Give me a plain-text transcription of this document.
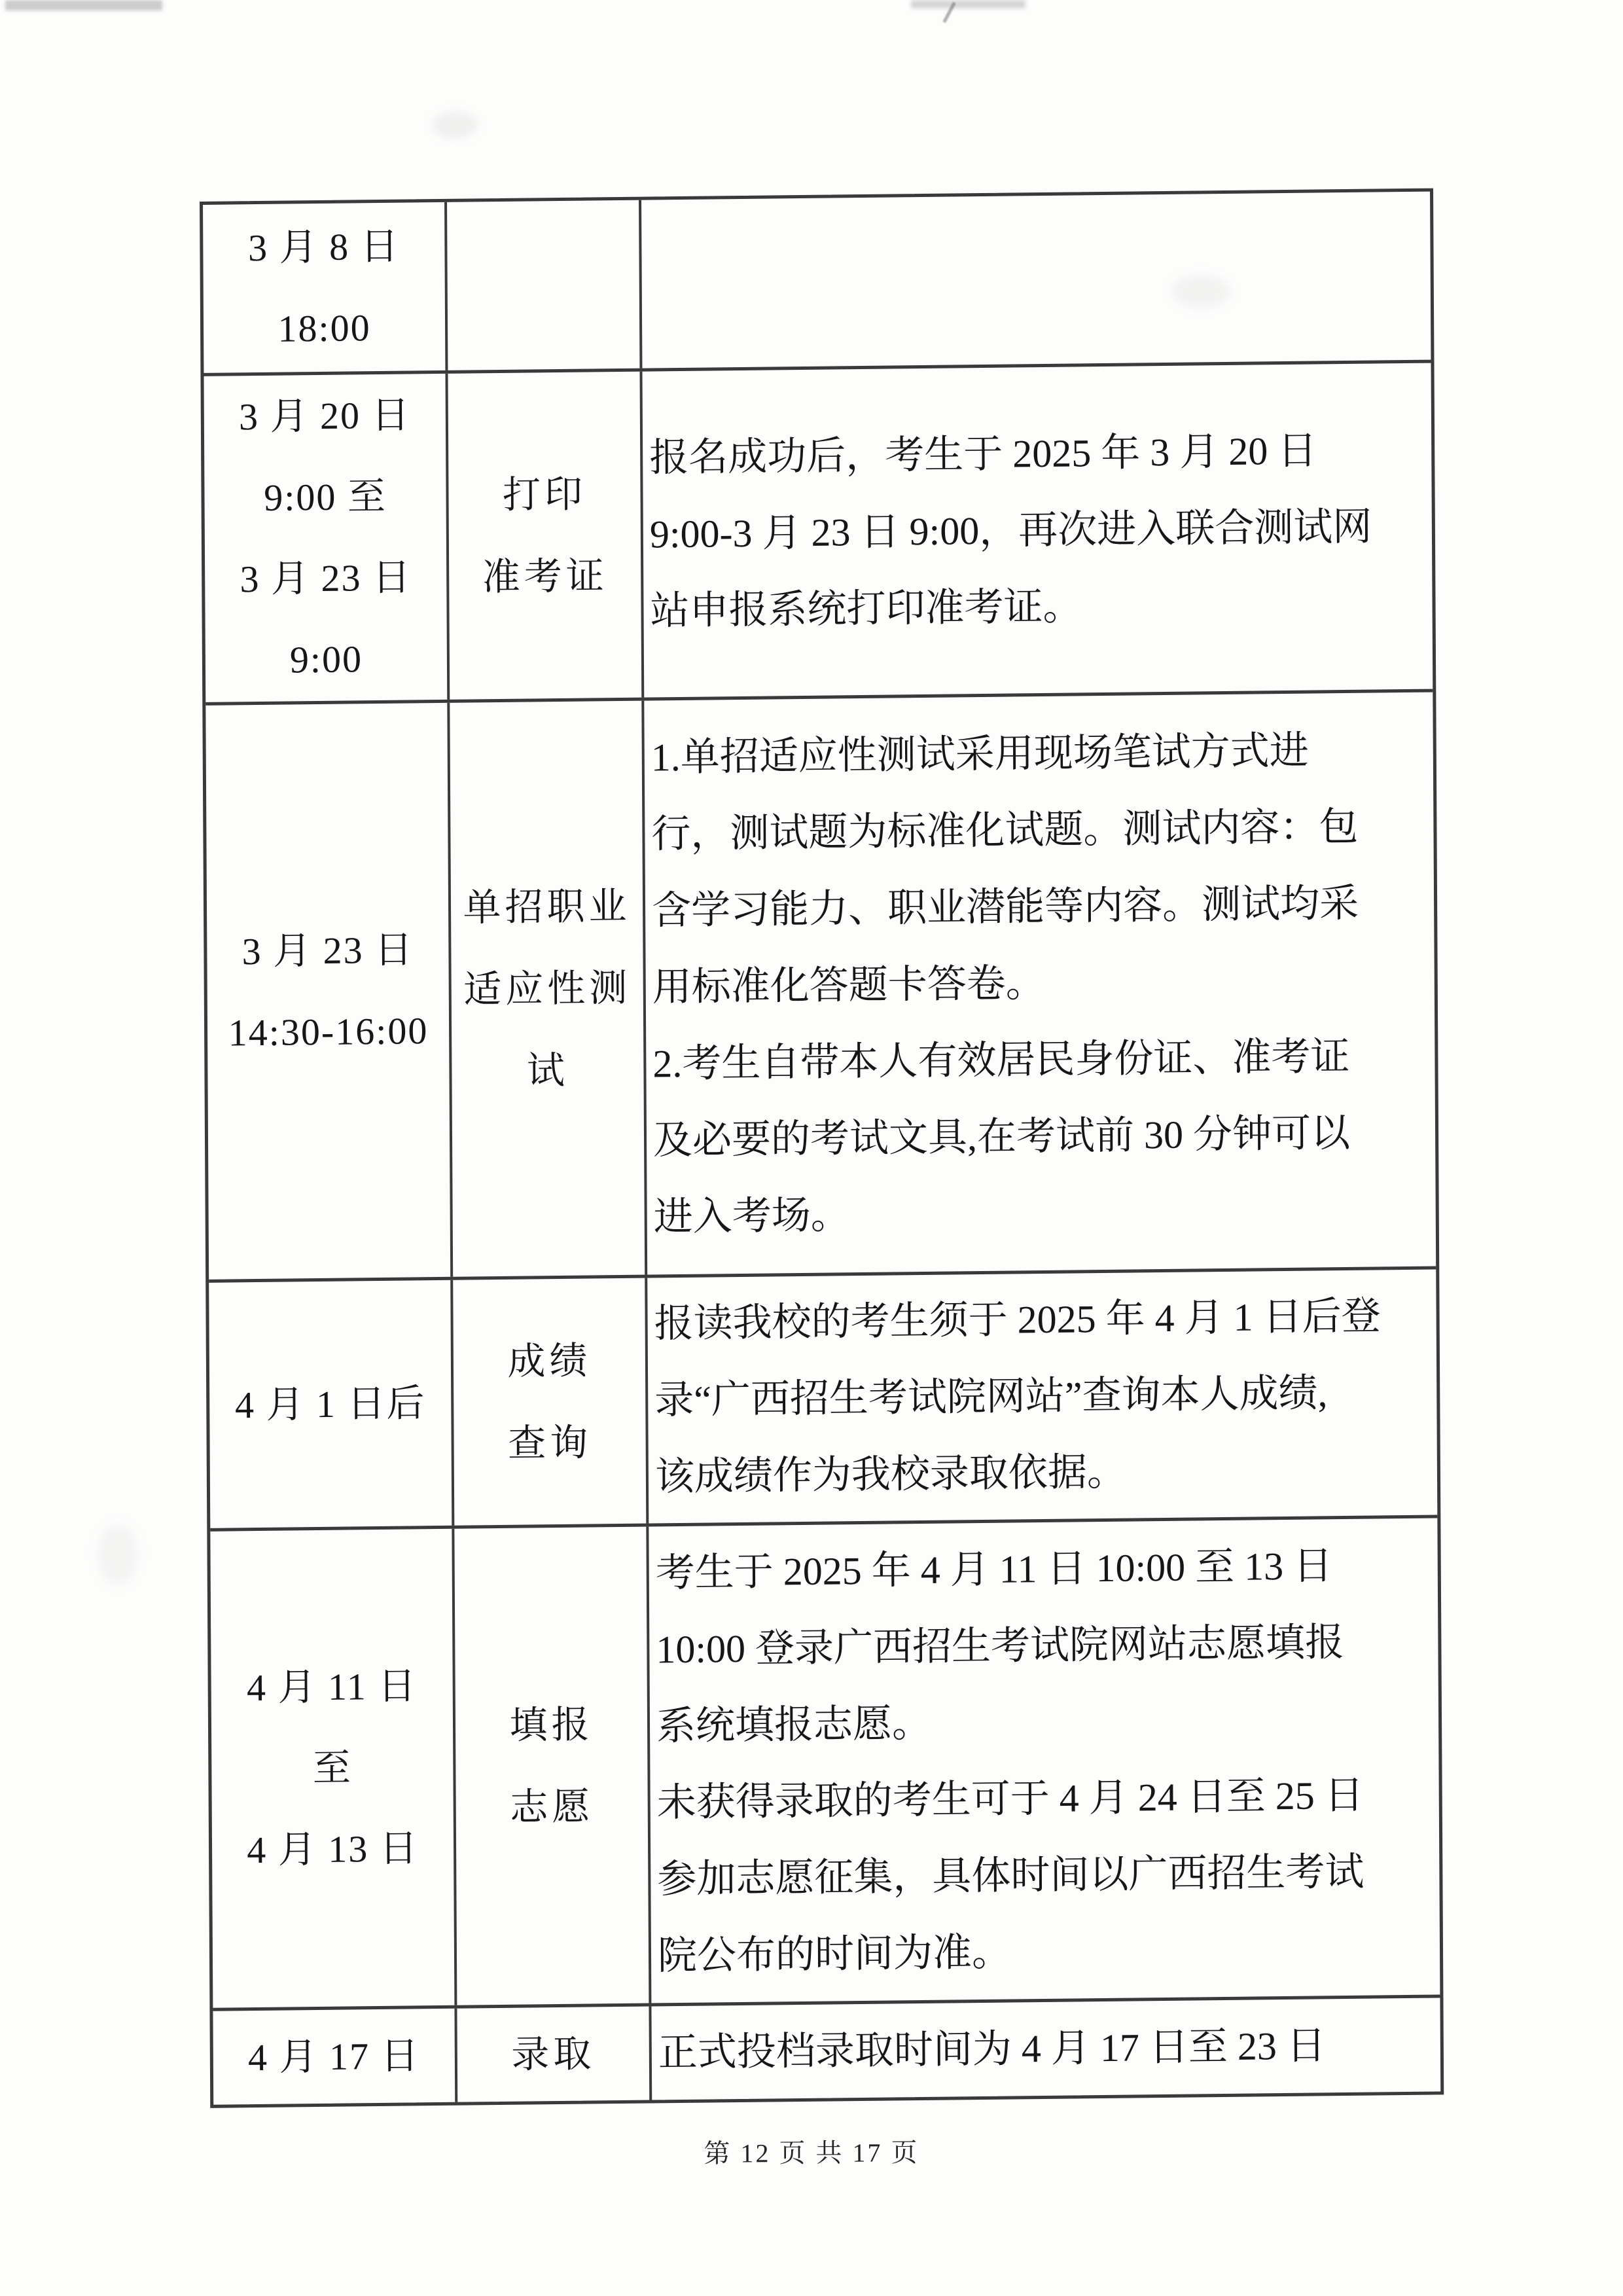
3 月 8 日
18:00
3 月 20 日
9:00 至
3 月 23 日
9:00
打印
准考证
报名成功后，考生于 2025 年 3 月 20 日
9:00-3 月 23 日 9:00，再次进入联合测试网
站申报系统打印准考证。
3 月 23 日
14:30-16:00
单招职业
适应性测
试
1.单招适应性测试采用现场笔试方式进
行，测试题为标准化试题。测试内容：包
含学习能力、职业潜能等内容。测试均采
用标准化答题卡答卷。
2.考生自带本人有效居民身份证、准考证
及必要的考试文具,在考试前 30 分钟可以
进入考场。
4 月 1 日后
成绩
查询
报读我校的考生须于 2025 年 4 月 1 日后登
录“广西招生考试院网站”查询本人成绩,
该成绩作为我校录取依据。
4 月 11 日
至
4 月 13 日
填报
志愿
考生于 2025 年 4 月 11 日 10:00 至 13 日
10:00 登录广西招生考试院网站志愿填报
系统填报志愿。
未获得录取的考生可于 4 月 24 日至 25 日
参加志愿征集，具体时间以广西招生考试
院公布的时间为准。
4 月 17 日 录取 正式投档录取时间为 4 月 17 日至 23 日
第 12 页 共 17 页
